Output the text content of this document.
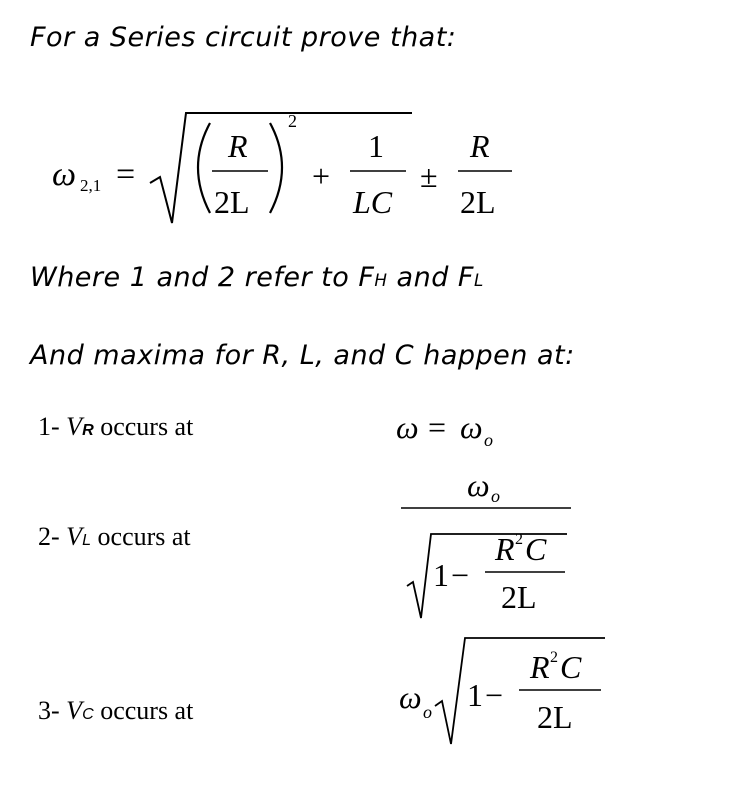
For a Series circuit prove that:
ω 2,1 =
R
2L
2
+
1
LC
±
R
2L
Where 1 and 2 refer to FH and FL
And maxima for R, L, and C happen at:
1- VR occurs at	ω = ω o
2- VL occurs at
ω o
1 −
R 2 C
2L
3- VC occurs at	ω o 1 −
R 2 C
2L
